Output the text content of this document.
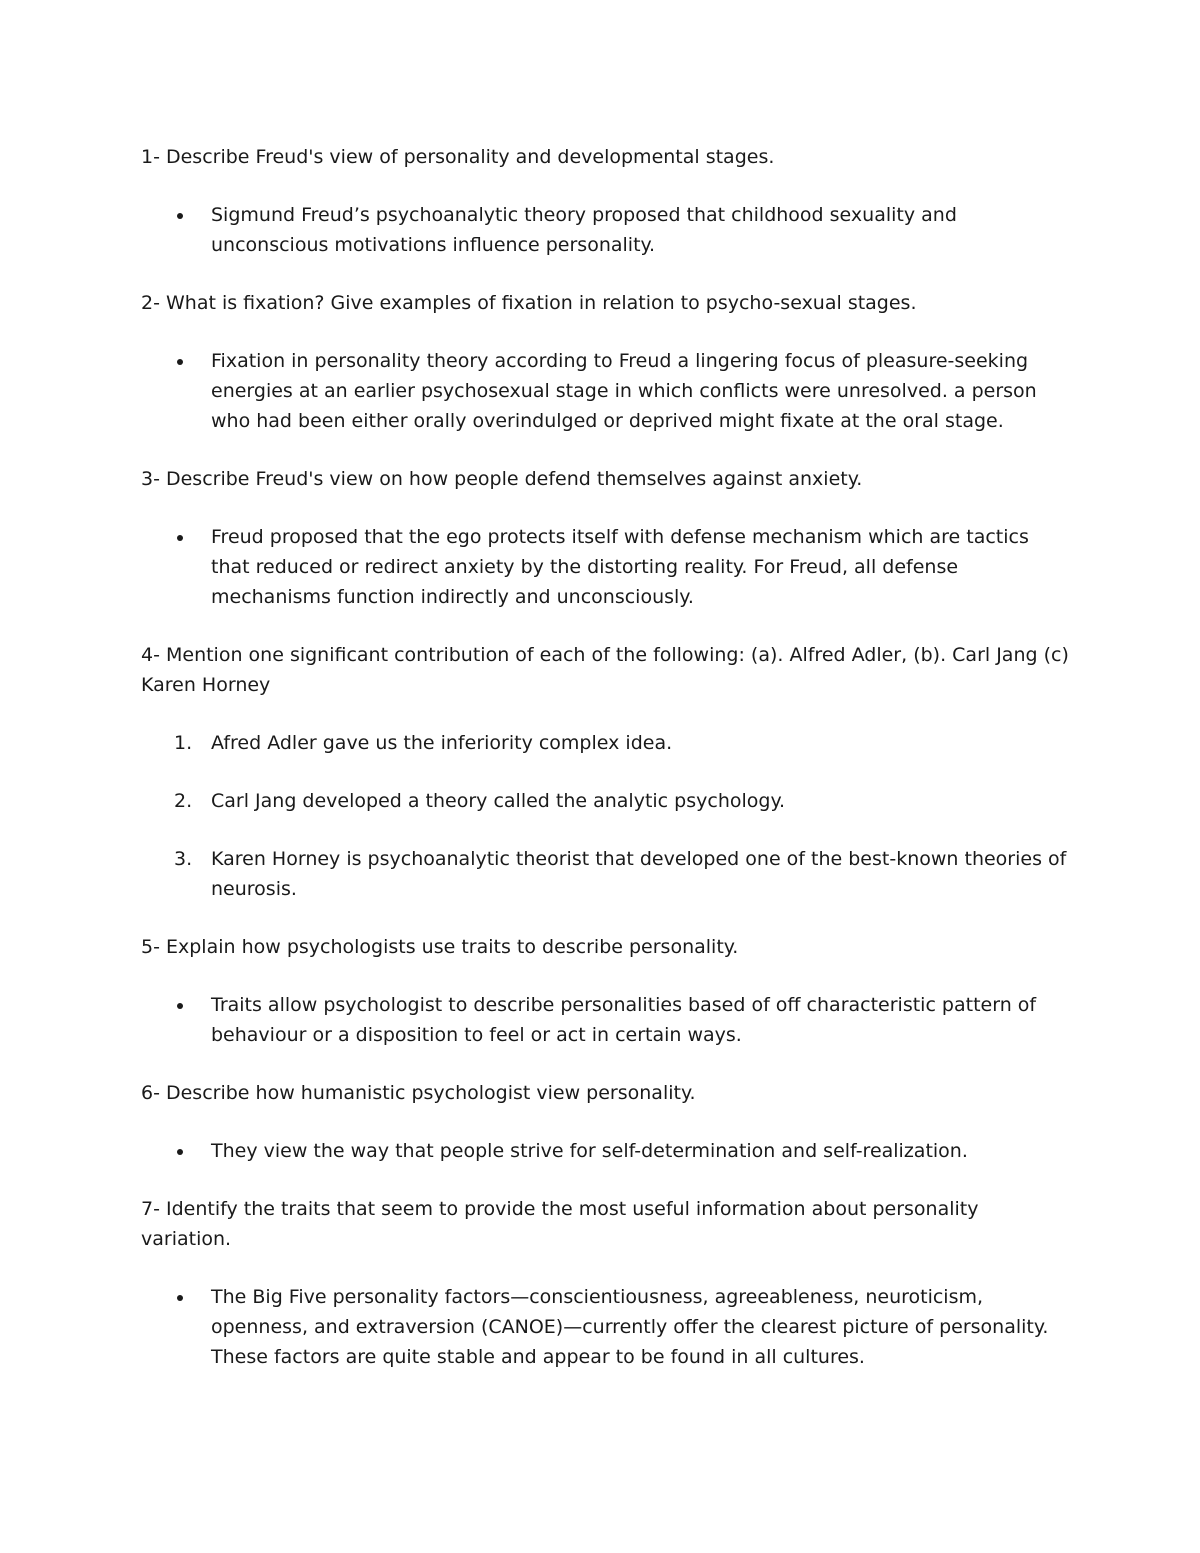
1- Describe Freud's view of personality and developmental stages.

Sigmund Freud’s psychoanalytic theory proposed that childhood sexuality and unconscious motivations influence personality.

2- What is fixation? Give examples of fixation in relation to psycho-sexual stages.

Fixation in personality theory according to Freud a lingering focus of pleasure-seeking energies at an earlier psychosexual stage in which conflicts were unresolved. a person who had been either orally overindulged or deprived might fixate at the oral stage.

3- Describe Freud's view on how people defend themselves against anxiety.

Freud proposed that the ego protects itself with defense mechanism which are tactics that reduced or redirect anxiety by the distorting reality. For Freud, all defense mechanisms function indirectly and unconsciously.

4- Mention one significant contribution of each of the following: (a). Alfred Adler, (b). Carl Jang (c) Karen Horney

1. Afred Adler gave us the inferiority complex idea.
2. Carl Jang developed a theory called the analytic psychology.
3. Karen Horney is psychoanalytic theorist that developed one of the best-known theories of neurosis.

5- Explain how psychologists use traits to describe personality.

Traits allow psychologist to describe personalities based of off characteristic pattern of behaviour or a disposition to feel or act in certain ways.

6- Describe how humanistic psychologist view personality.

They view the way that people strive for self-determination and self-realization.

7- Identify the traits that seem to provide the most useful information about personality variation.

The Big Five personality factors—conscientiousness, agreeableness, neuroticism, openness, and extraversion (CANOE)—currently offer the clearest picture of personality. These factors are quite stable and appear to be found in all cultures.
